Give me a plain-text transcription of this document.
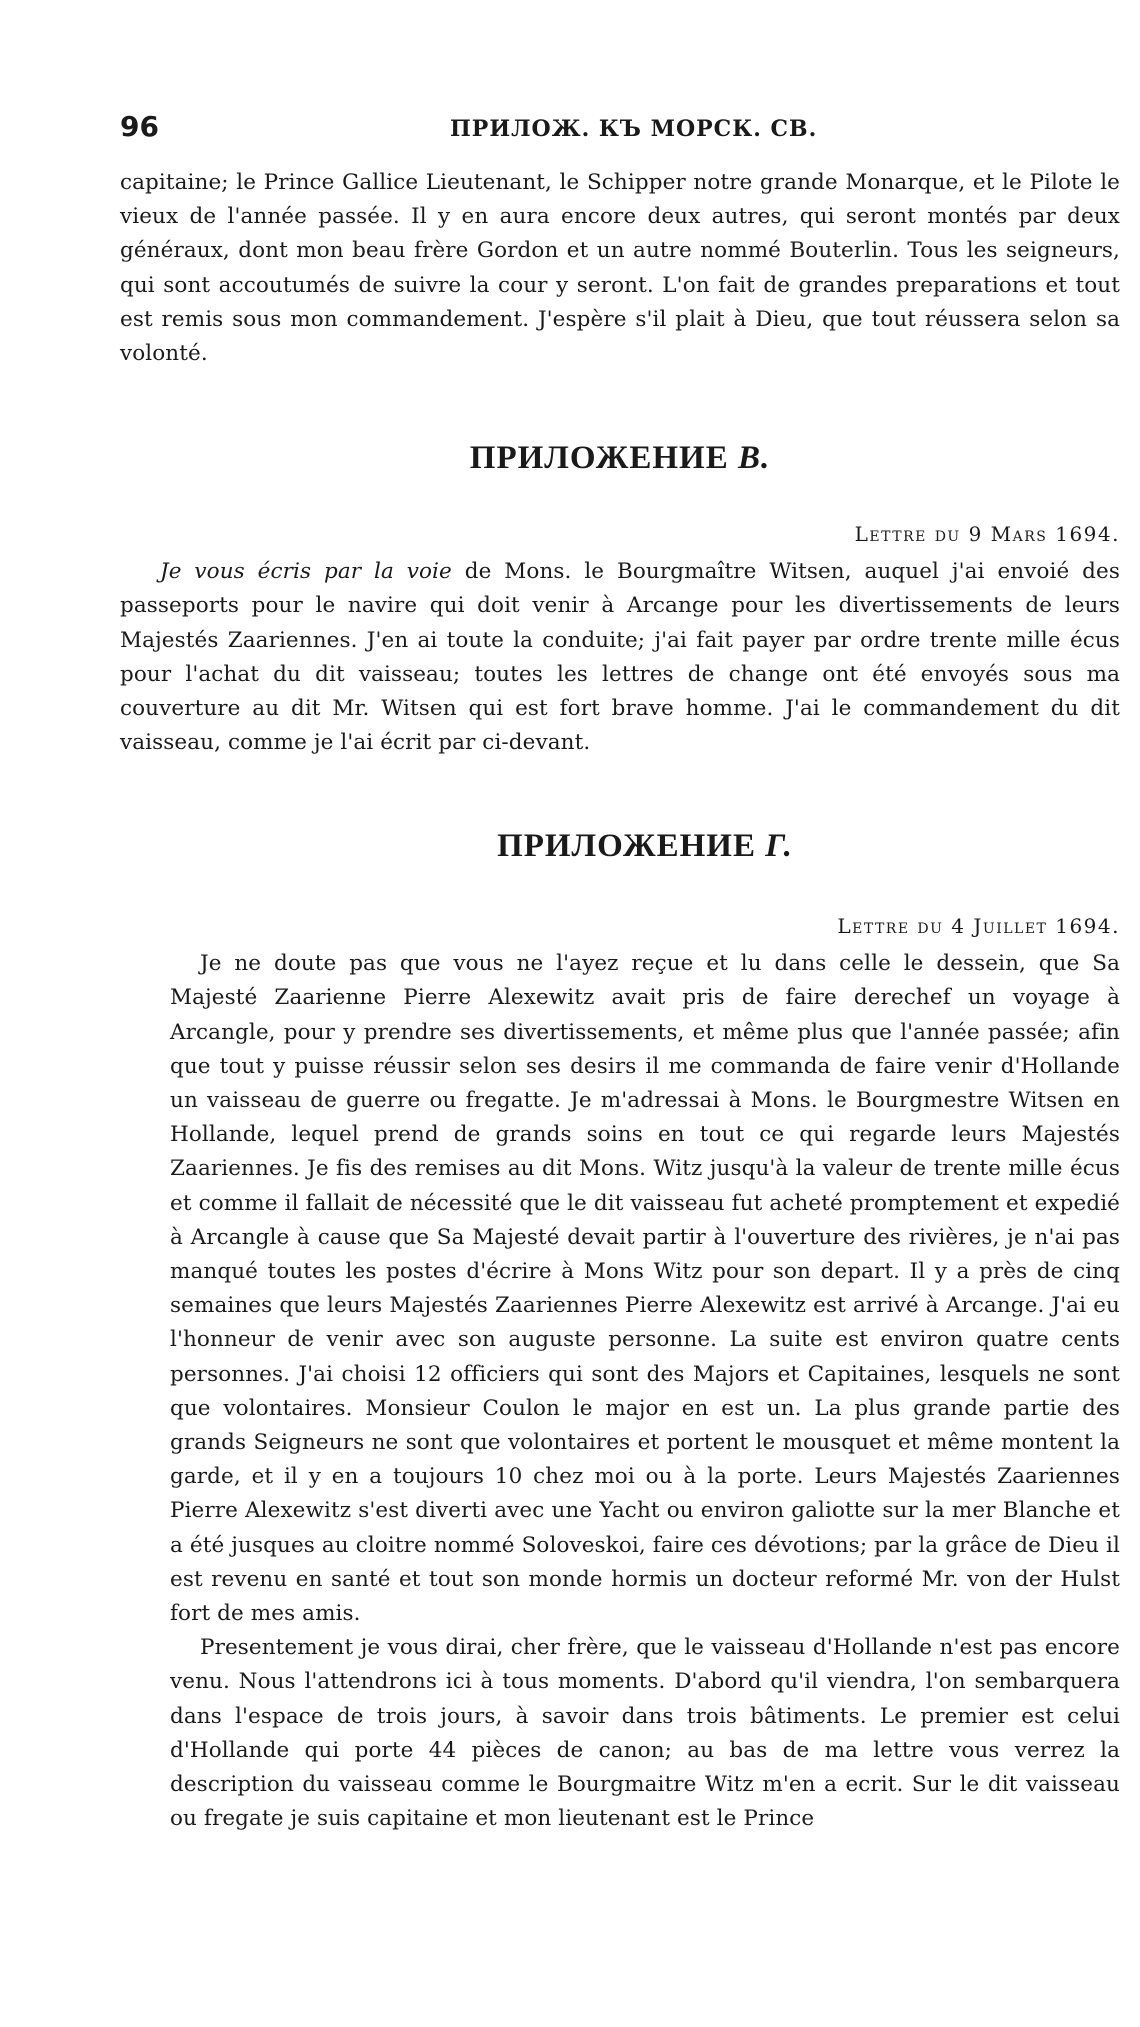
96	ПРИЛОЖ. КЪ МОРСК. СВ.

capitaine; le Prince Gallice Lieutenant, le Schipper notre grande Monarque, et le Pilote le vieux de l'année passée. Il y en aura encore deux autres, qui seront montés par deux généraux, dont mon beau frère Gordon et un autre nommé Bouterlin. Tous les seigneurs, qui sont accoutumés de suivre la cour y seront. L'on fait de grandes preparations et tout est remis sous mon commandement. J'espère s'il plait à Dieu, que tout réussera selon sa volonté.

ПРИЛОЖЕНИЕ В.

Lettre du 9 Mars 1694.

Je vous écris par la voie de Mons. le Bourgmaître Witsen, auquel j'ai envoié des passeports pour le navire qui doit venir à Arcange pour les divertissements de leurs Majestés Zaariennes. J'en ai toute la conduite; j'ai fait payer par ordre trente mille écus pour l'achat du dit vaisseau; toutes les lettres de change ont été envoyés sous ma couverture au dit Mr. Witsen qui est fort brave homme. J'ai le commandement du dit vaisseau, comme je l'ai écrit par ci-devant.

ПРИЛОЖЕНИЕ Г.

Lettre du 4 Juillet 1694.

Je ne doute pas que vous ne l'ayez reçue et lu dans celle le dessein, que Sa Majesté Zaarienne Pierre Alexewitz avait pris de faire derechef un voyage à Arcangle, pour y prendre ses divertissements, et même plus que l'année passée; afin que tout y puisse réussir selon ses desirs il me commanda de faire venir d'Hollande un vaisseau de guerre ou fregatte. Je m'adressai à Mons. le Bourgmestre Witsen en Hollande, lequel prend de grands soins en tout ce qui regarde leurs Majestés Zaariennes. Je fis des remises au dit Mons. Witz jusqu'à la valeur de trente mille écus et comme il fallait de nécessité que le dit vaisseau fut acheté promptement et expedié à Arcangle à cause que Sa Majesté devait partir à l'ouverture des rivières, je n'ai pas manqué toutes les postes d'écrire à Mons Witz pour son depart. Il y a près de cinq semaines que leurs Majestés Zaariennes Pierre Alexewitz est arrivé à Arcange. J'ai eu l'honneur de venir avec son auguste personne. La suite est environ quatre cents personnes. J'ai choisi 12 officiers qui sont des Majors et Capitaines, lesquels ne sont que volontaires. Monsieur Coulon le major en est un. La plus grande partie des grands Seigneurs ne sont que volontaires et portent le mousquet et même montent la garde, et il y en a toujours 10 chez moi ou à la porte. Leurs Majestés Zaariennes Pierre Alexewitz s'est diverti avec une Yacht ou environ galiotte sur la mer Blanche et a été jusques au cloitre nommé Soloveskoi, faire ces dévotions; par la grâce de Dieu il est revenu en santé et tout son monde hormis un docteur reformé Mr. von der Hulst fort de mes amis.

Presentement je vous dirai, cher frère, que le vaisseau d'Hollande n'est pas encore venu. Nous l'attendrons ici à tous moments. D'abord qu'il viendra, l'on sembarquera dans l'espace de trois jours, à savoir dans trois bâtiments. Le premier est celui d'Hollande qui porte 44 pièces de canon; au bas de ma lettre vous verrez la description du vaisseau comme le Bourgmaitre Witz m'en a ecrit. Sur le dit vaisseau ou fregate je suis capitaine et mon lieutenant est le Prince
